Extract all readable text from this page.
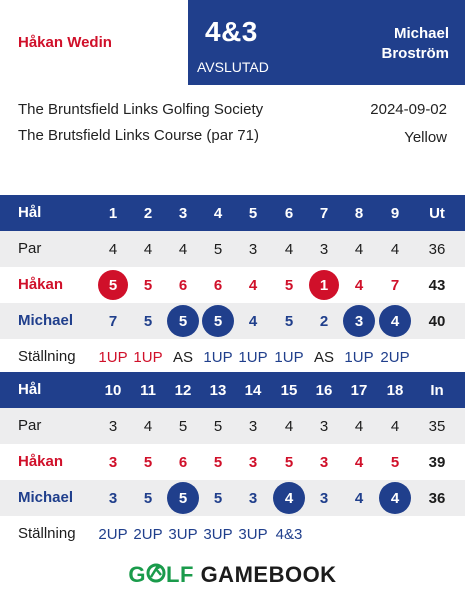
Håkan Wedin	4&3
AVSLUTAD
Michael
Broström
The Bruntsfield Links Golfing Society
The Brutsfield Links Course (par 71)
2024-09-02
Yellow
Hål	1	2	3	4	5	6	7	8	9	Ut
Par	4	4	4	5	3	4	3	4	4	36
Håkan	5	5	6	6	4	5	1	4	7	43
Michael	7	5	5	5	4	5	2	3	4	40
Ställning 1UP 1UP AS 1UP 1UP 1UP AS 1UP 2UP
Hål	10	11	12	13	14	15	16	17	18	In
Par	3	4	5	5	3	4	3	4	4	35
Håkan	3	5	6	5	3	5	3	4	5	39
Michael	3	5	5	5	3	4	3	4	4	36
Ställning 2UP 2UP 3UP 3UP 3UP 4&3
G LF GAMEBOOK
